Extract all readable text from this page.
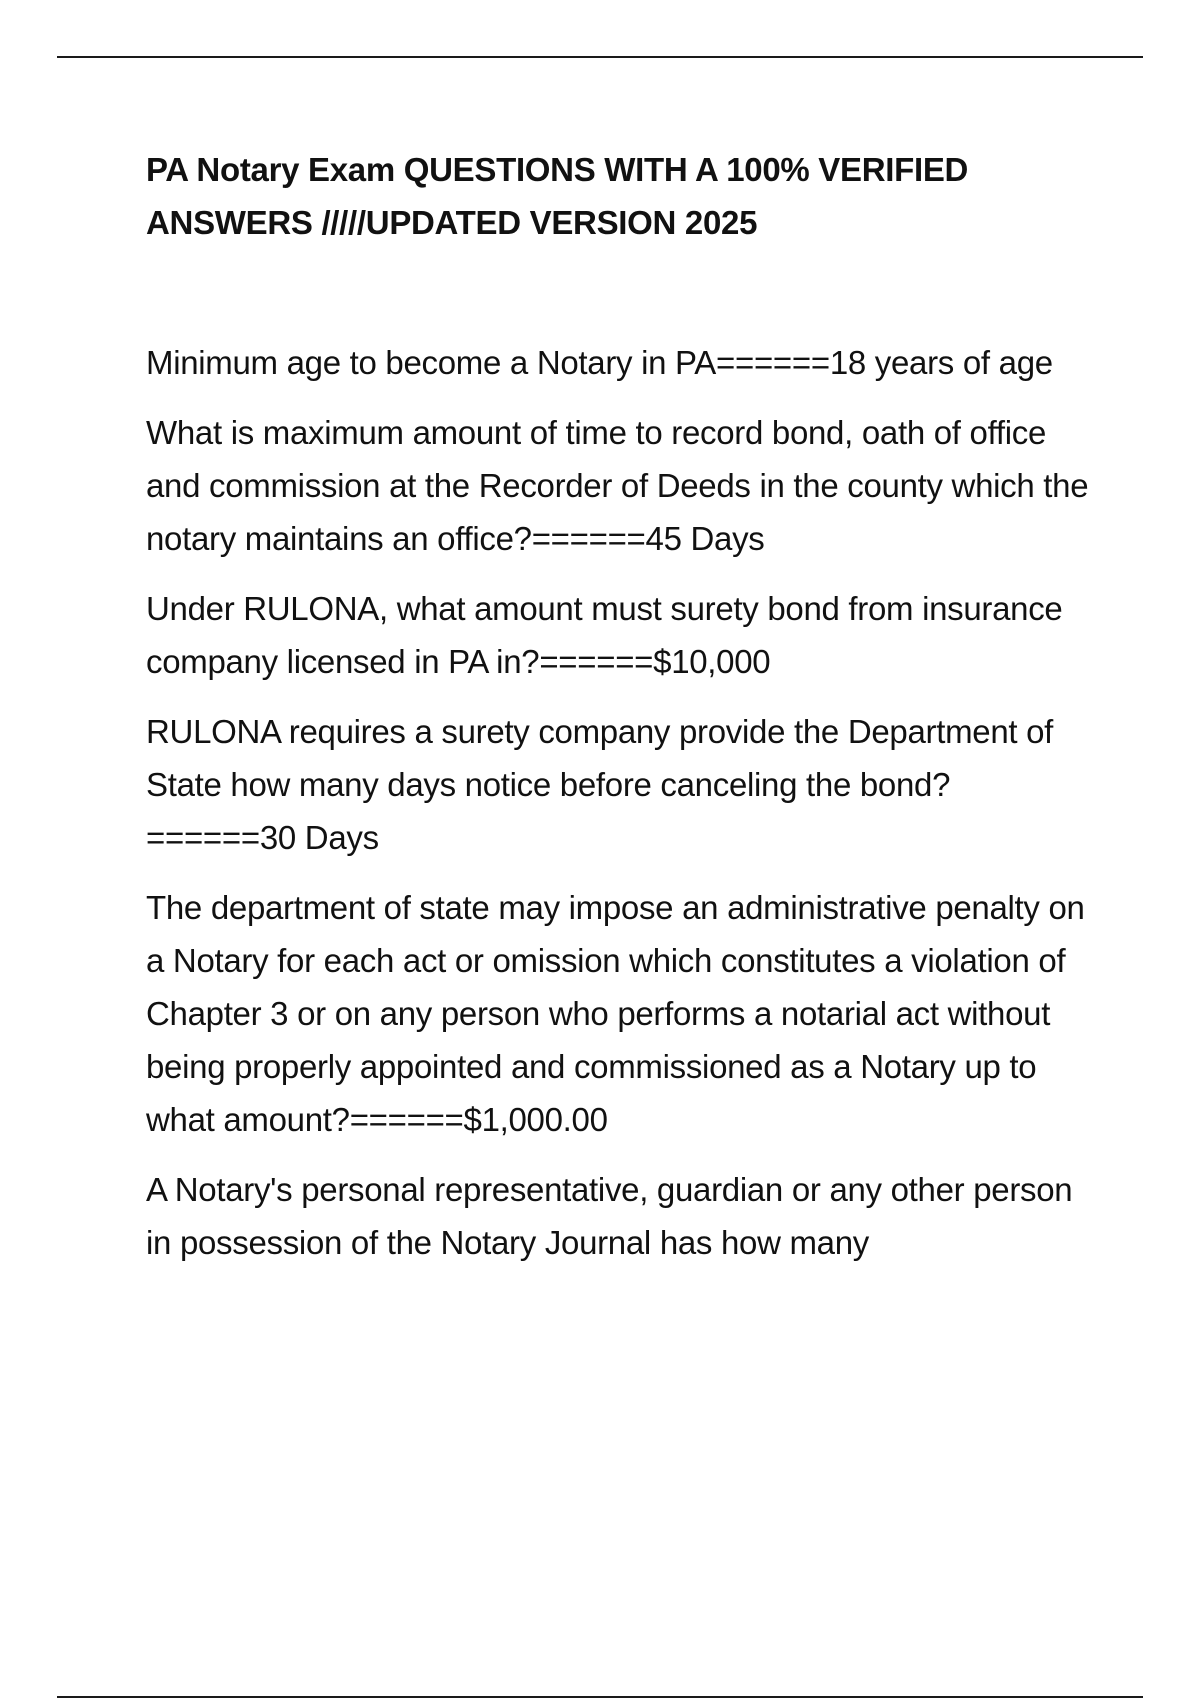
PA Notary Exam QUESTIONS WITH A 100% VERIFIED ANSWERS /////UPDATED VERSION 2025

Minimum age to become a Notary in PA======18 years of age

What is maximum amount of time to record bond, oath of office and commission at the Recorder of Deeds in the county which the notary maintains an office?======45 Days

Under RULONA, what amount must surety bond from insurance company licensed in PA in?======$10,000

RULONA requires a surety company provide the Department of State how many days notice before canceling the bond?======30 Days

The department of state may impose an administrative penalty on a Notary for each act or omission which constitutes a violation of Chapter 3 or on any person who performs a notarial act without being properly appointed and commissioned as a Notary up to what amount?======$1,000.00

A Notary's personal representative, guardian or any other person in possession of the Notary Journal has how many
